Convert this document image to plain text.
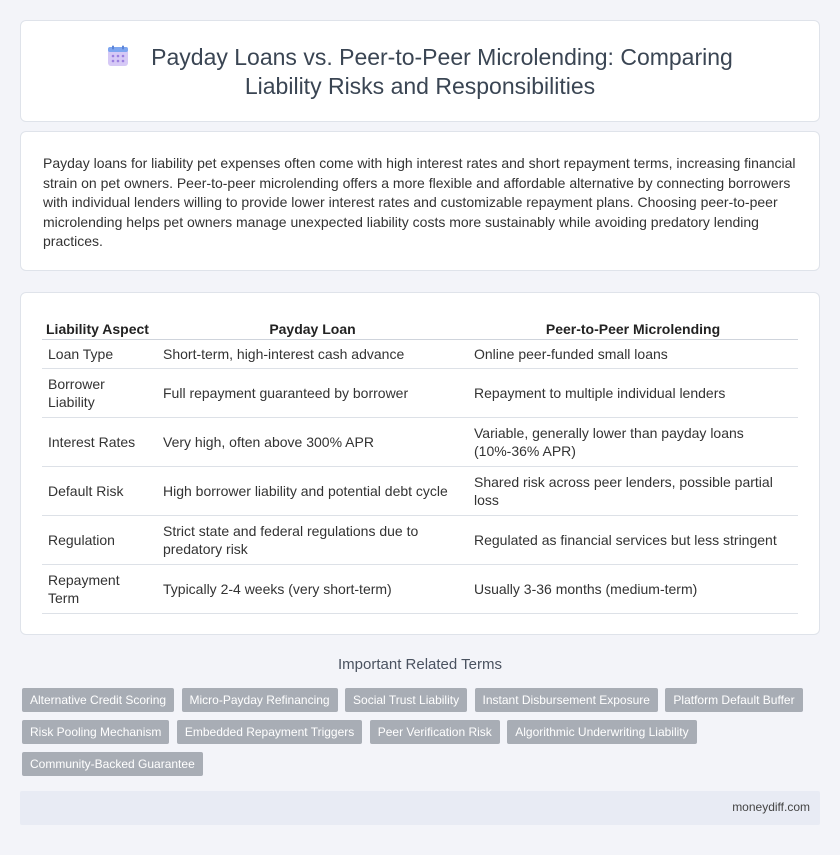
Payday Loans vs. Peer-to-Peer Microlending: Comparing Liability Risks and Responsibilities

Payday loans for liability pet expenses often come with high interest rates and short repayment terms, increasing financial strain on pet owners. Peer-to-peer microlending offers a more flexible and affordable alternative by connecting borrowers with individual lenders willing to provide lower interest rates and customizable repayment plans. Choosing peer-to-peer microlending helps pet owners manage unexpected liability costs more sustainably while avoiding predatory lending practices.

Liability Aspect	Payday Loan	Peer-to-Peer Microlending
Loan Type	Short-term, high-interest cash advance	Online peer-funded small loans
Borrower Liability	Full repayment guaranteed by borrower	Repayment to multiple individual lenders
Interest Rates	Very high, often above 300% APR	Variable, generally lower than payday loans (10%-36% APR)
Default Risk	High borrower liability and potential debt cycle	Shared risk across peer lenders, possible partial loss
Regulation	Strict state and federal regulations due to predatory risk	Regulated as financial services but less stringent
Repayment Term	Typically 2-4 weeks (very short-term)	Usually 3-36 months (medium-term)
Important Related Terms
Alternative Credit Scoring Micro-Payday Refinancing Social Trust Liability Instant Disbursement Exposure Platform Default Buffer
Risk Pooling Mechanism Embedded Repayment Triggers Peer Verification Risk Algorithmic Underwriting Liability
Community-Backed Guarantee
moneydiff.com
